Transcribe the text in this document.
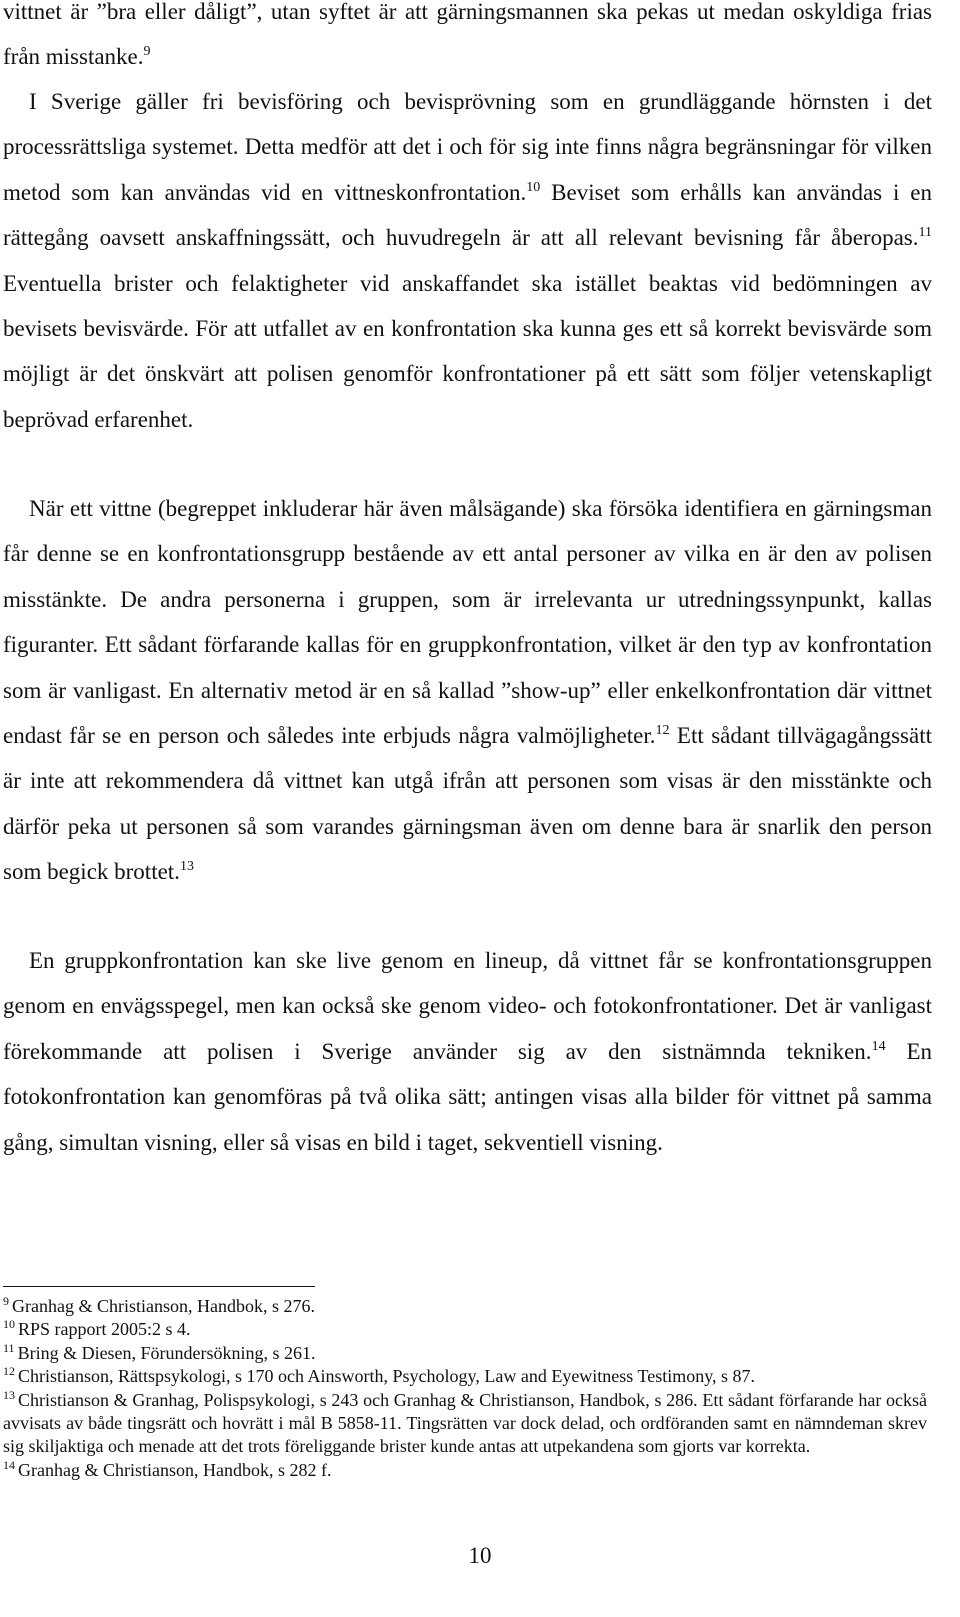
vittnet är ”bra eller dåligt”, utan syftet är att gärningsmannen ska pekas ut medan oskyldiga frias från misstanke.$^9$

I Sverige gäller fri bevisföring och bevisprövning som en grundläggande hörnsten i det processrättsliga systemet. Detta medför att det i och för sig inte finns några begränsningar för vilken metod som kan användas vid en vittneskonfrontation.$^{10}$ Beviset som erhålls kan användas i en rättegång oavsett anskaffningssätt, och huvudregeln är att all relevant bevisning får åberopas.$^{11}$ Eventuella brister och felaktigheter vid anskaffandet ska istället beaktas vid bedömningen av bevisets bevisvärde. För att utfallet av en konfrontation ska kunna ges ett så korrekt bevisvärde som möjligt är det önskvärt att polisen genomför konfrontationer på ett sätt som följer vetenskapligt beprövad erfarenhet.

När ett vittne (begreppet inkluderar här även målsägande) ska försöka identifiera en gärningsman får denne se en konfrontationsgrupp bestående av ett antal personer av vilka en är den av polisen misstänkte. De andra personerna i gruppen, som är irrelevanta ur utredningssynpunkt, kallas figuranter. Ett sådant förfarande kallas för en gruppkonfrontation, vilket är den typ av konfrontation som är vanligast. En alternativ metod är en så kallad ”show-up” eller enkelkonfrontation där vittnet endast får se en person och således inte erbjuds några valmöjligheter.$^{12}$ Ett sådant tillvägagångssätt är inte att rekommendera då vittnet kan utgå ifrån att personen som visas är den misstänkte och därför peka ut personen så som varandes gärningsman även om denne bara är snarlik den person som begick brottet.$^{13}$

En gruppkonfrontation kan ske live genom en lineup, då vittnet får se konfrontationsgruppen genom en envägsspegel, men kan också ske genom video- och fotokonfrontationer. Det är vanligast förekommande att polisen i Sverige använder sig av den sistnämnda tekniken.$^{14}$ En fotokonfrontation kan genomföras på två olika sätt; antingen visas alla bilder för vittnet på samma gång, simultan visning, eller så visas en bild i taget, sekventiell visning.

$^9$ Granhag & Christianson, Handbok, s 276.
$^{10}$ RPS rapport 2005:2 s 4.
$^{11}$ Bring & Diesen, Förundersökning, s 261.
$^{12}$ Christianson, Rättspsykologi, s 170 och Ainsworth, Psychology, Law and Eyewitness Testimony, s 87.
$^{13}$ Christianson & Granhag, Polispsykologi, s 243 och Granhag & Christianson, Handbok, s 286. Ett sådant förfarande har också avvisats av både tingsrätt och hovrätt i mål B 5858-11. Tingsrätten var dock delad, och ordföranden samt en nämndeman skrev sig skiljaktiga och menade att det trots föreliggande brister kunde antas att utpekandena som gjorts var korrekta.
$^{14}$ Granhag & Christianson, Handbok, s 282 f.
10
